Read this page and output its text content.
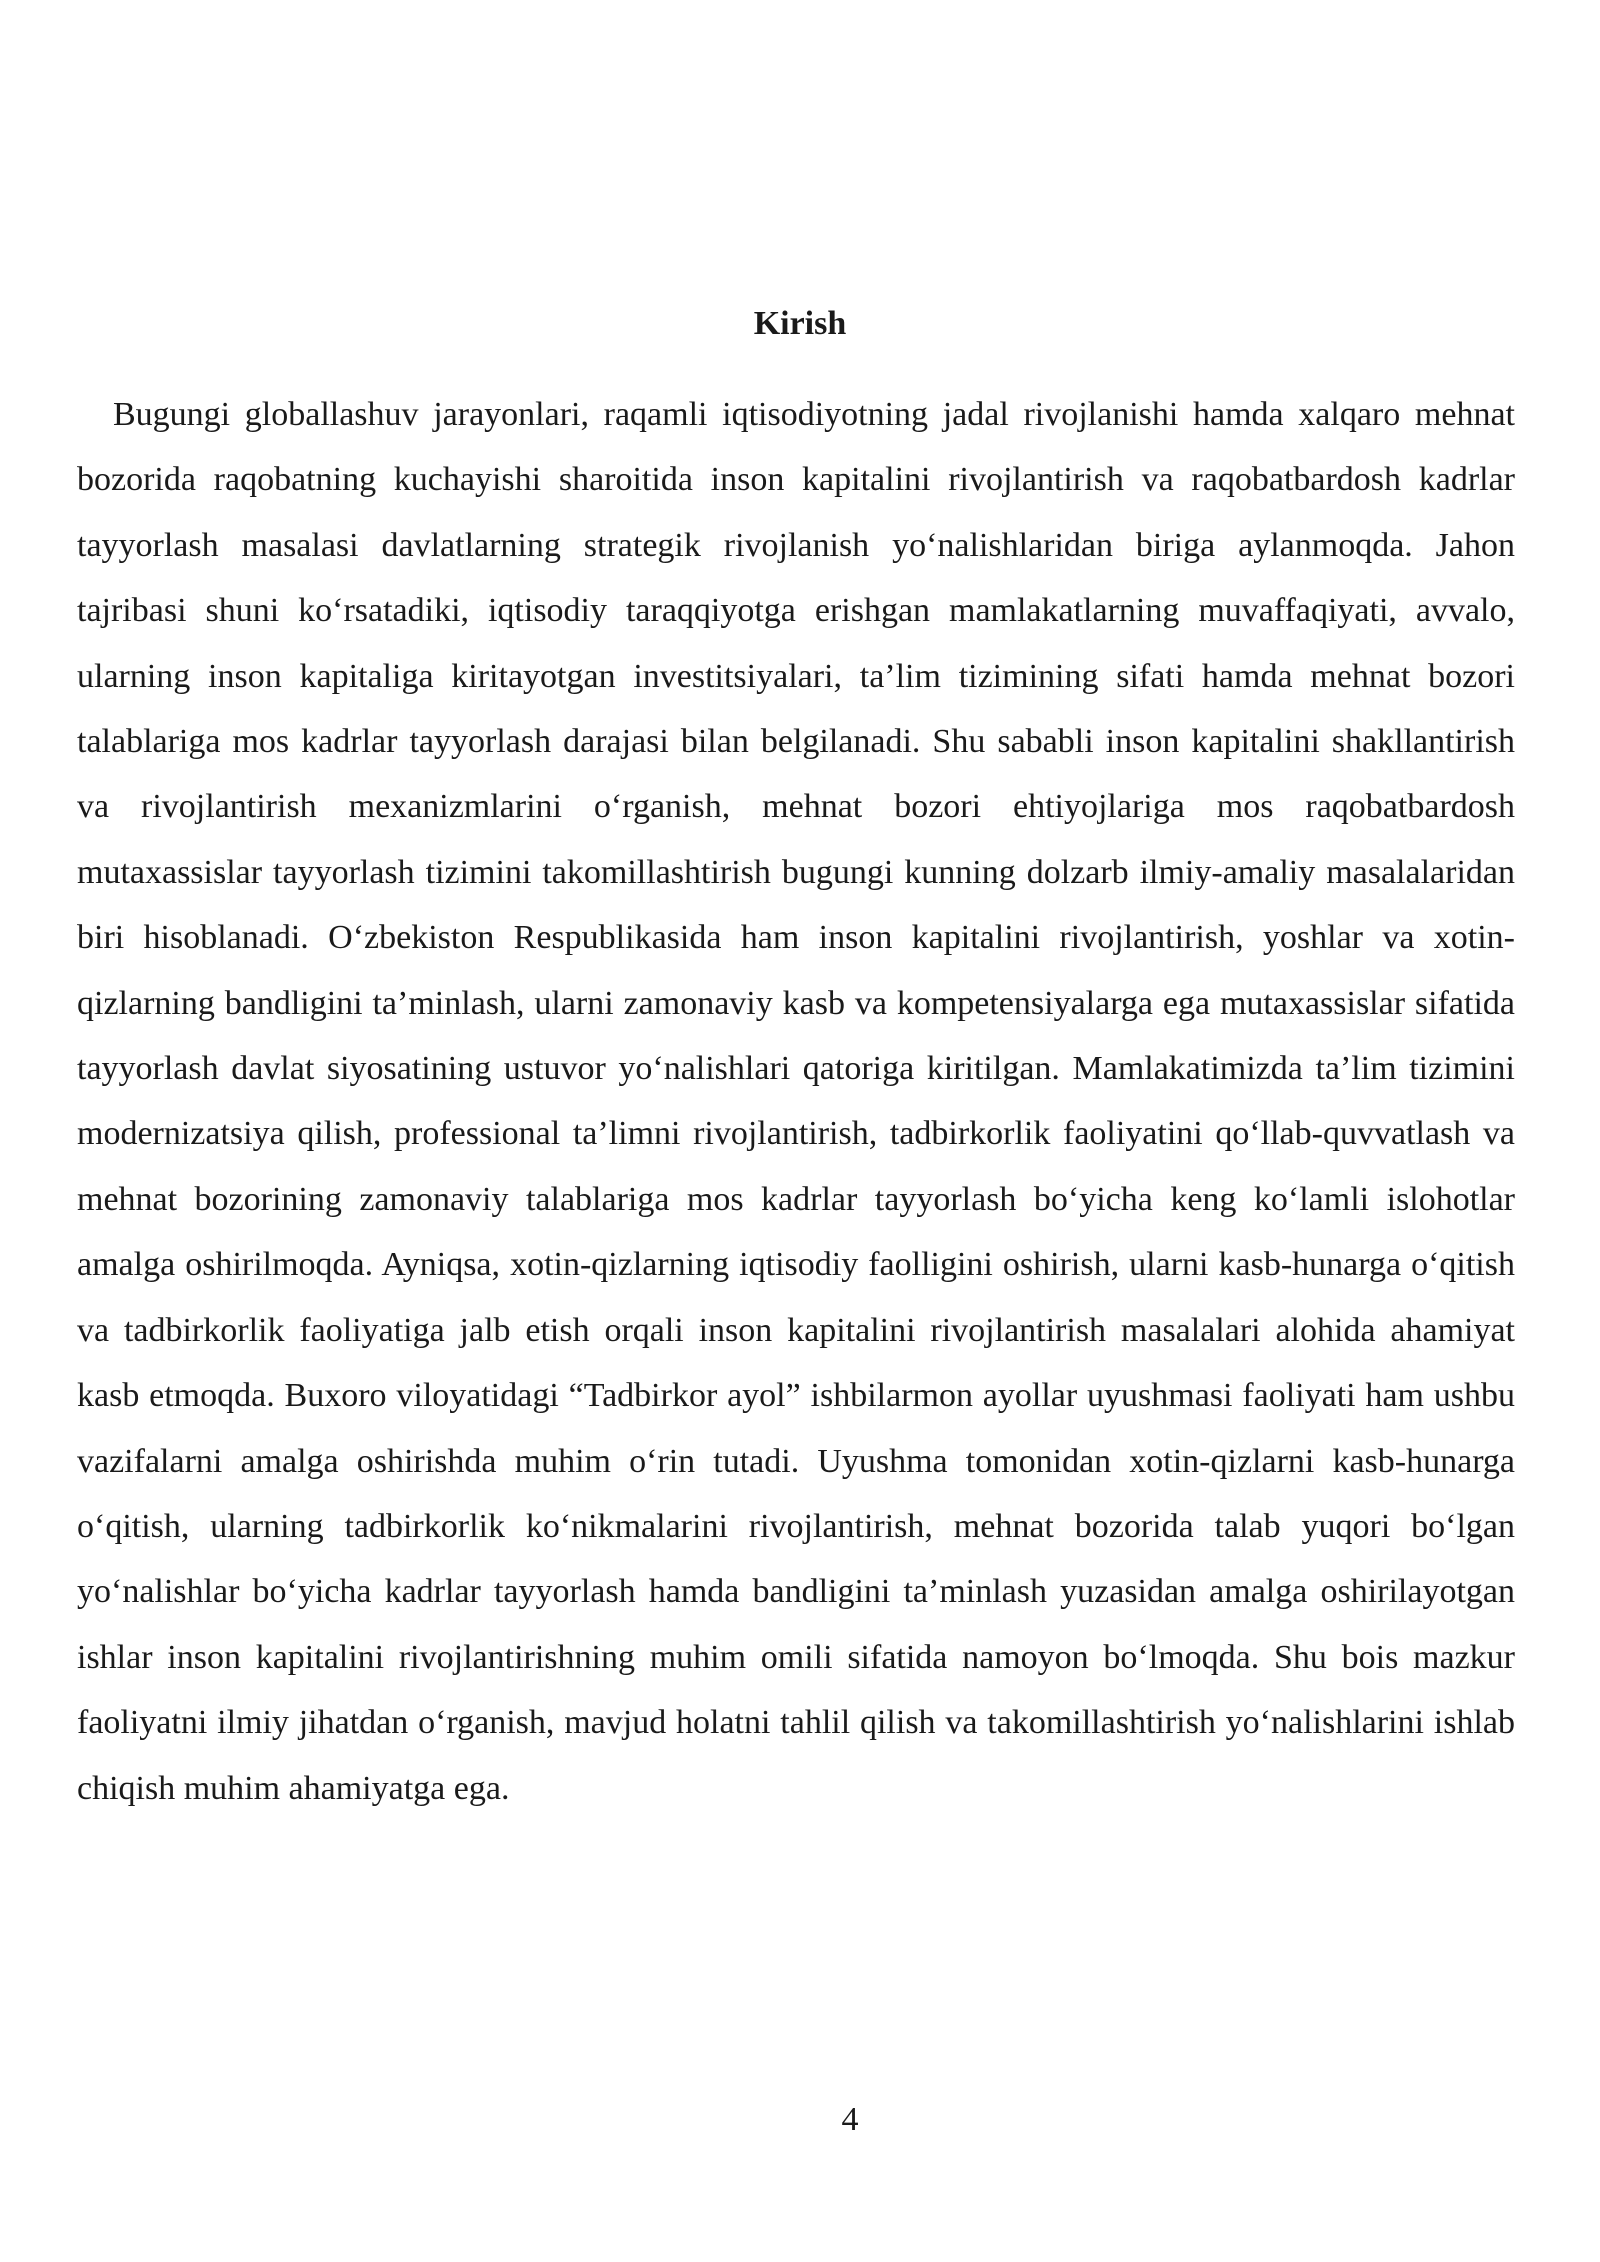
Kirish

Bugungi globallashuv jarayonlari, raqamli iqtisodiyotning jadal rivojlanishi hamda xalqaro mehnat bozorida raqobatning kuchayishi sharoitida inson kapitalini rivojlantirish va raqobatbardosh kadrlar tayyorlash masalasi davlatlarning strategik rivojlanish yo‘nalishlaridan biriga aylanmoqda. Jahon tajribasi shuni ko‘rsatadiki, iqtisodiy taraqqiyotga erishgan mamlakatlarning muvaffaqiyati, avvalo, ularning inson kapitaliga kiritayotgan investitsiyalari, ta’lim tizimining sifati hamda mehnat bozori talablariga mos kadrlar tayyorlash darajasi bilan belgilanadi. Shu sababli inson kapitalini shakllantirish va rivojlantirish mexanizmlarini o‘rganish, mehnat bozori ehtiyojlariga mos raqobatbardosh mutaxassislar tayyorlash tizimini takomillashtirish bugungi kunning dolzarb ilmiy-amaliy masalalaridan biri hisoblanadi. O‘zbekiston Respublikasida ham inson kapitalini rivojlantirish, yoshlar va xotin-qizlarning bandligini ta’minlash, ularni zamonaviy kasb va kompetensiyalarga ega mutaxassislar sifatida tayyorlash davlat siyosatining ustuvor yo‘nalishlari qatoriga kiritilgan. Mamlakatimizda ta’lim tizimini modernizatsiya qilish, professional ta’limni rivojlantirish, tadbirkorlik faoliyatini qo‘llab-quvvatlash va mehnat bozorining zamonaviy talablariga mos kadrlar tayyorlash bo‘yicha keng ko‘lamli islohotlar amalga oshirilmoqda. Ayniqsa, xotin-qizlarning iqtisodiy faolligini oshirish, ularni kasb-hunarga o‘qitish va tadbirkorlik faoliyatiga jalb etish orqali inson kapitalini rivojlantirish masalalari alohida ahamiyat kasb etmoqda. Buxoro viloyatidagi “Tadbirkor ayol” ishbilarmon ayollar uyushmasi faoliyati ham ushbu vazifalarni amalga oshirishda muhim o‘rin tutadi. Uyushma tomonidan xotin-qizlarni kasb-hunarga o‘qitish, ularning tadbirkorlik ko‘nikmalarini rivojlantirish, mehnat bozorida talab yuqori bo‘lgan yo‘nalishlar bo‘yicha kadrlar tayyorlash hamda bandligini ta’minlash yuzasidan amalga oshirilayotgan ishlar inson kapitalini rivojlantirishning muhim omili sifatida namoyon bo‘lmoqda. Shu bois mazkur faoliyatni ilmiy jihatdan o‘rganish, mavjud holatni tahlil qilish va takomillashtirish yo‘nalishlarini ishlab chiqish muhim ahamiyatga ega.

4
